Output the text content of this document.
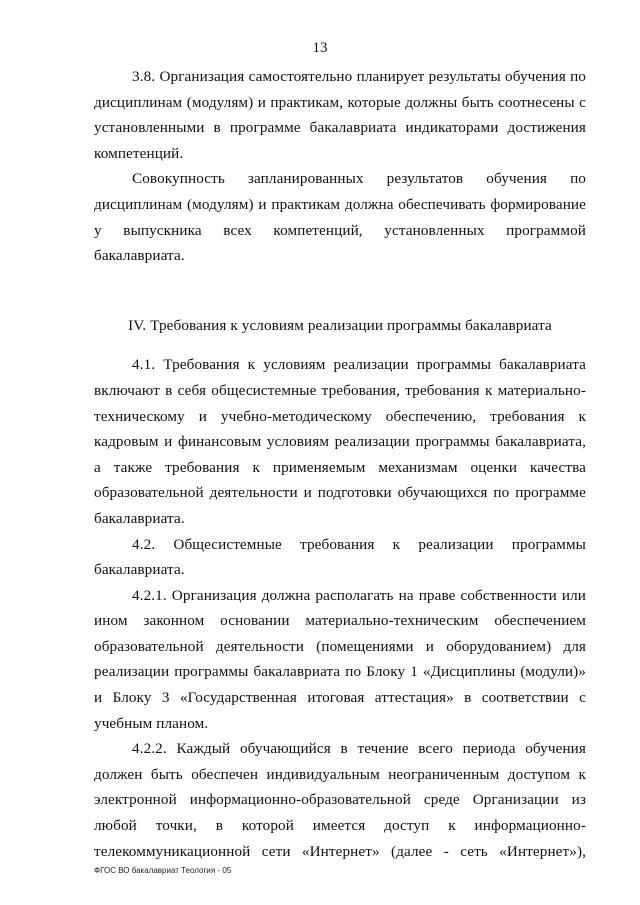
13

3.8. Организация самостоятельно планирует результаты обучения по дисциплинам (модулям) и практикам, которые должны быть соотнесены с установленными в программе бакалавриата индикаторами достижения компетенций.

Совокупность запланированных результатов обучения по дисциплинам (модулям) и практикам должна обеспечивать формирование у выпускника всех компетенций, установленных программой бакалавриата.

IV. Требования к условиям реализации программы бакалавриата

4.1. Требования к условиям реализации программы бакалавриата включают в себя общесистемные требования, требования к материально-техническому и учебно-методическому обеспечению, требования к кадровым и финансовым условиям реализации программы бакалавриата, а также требования к применяемым механизмам оценки качества образовательной деятельности и подготовки обучающихся по программе бакалавриата.

4.2. Общесистемные требования к реализации программы бакалавриата.

4.2.1. Организация должна располагать на праве собственности или ином законном основании материально-техническим обеспечением образовательной деятельности (помещениями и оборудованием) для реализации программы бакалавриата по Блоку 1 «Дисциплины (модули)» и Блоку 3 «Государственная итоговая аттестация» в соответствии с учебным планом.

4.2.2. Каждый обучающийся в течение всего периода обучения должен быть обеспечен индивидуальным неограниченным доступом к электронной информационно-образовательной среде Организации из любой точки, в которой имеется доступ к информационно-телекоммуникационной сети «Интернет» (далее - сеть «Интернет»),

ФГОС ВО бакалавриат Теология - 05
